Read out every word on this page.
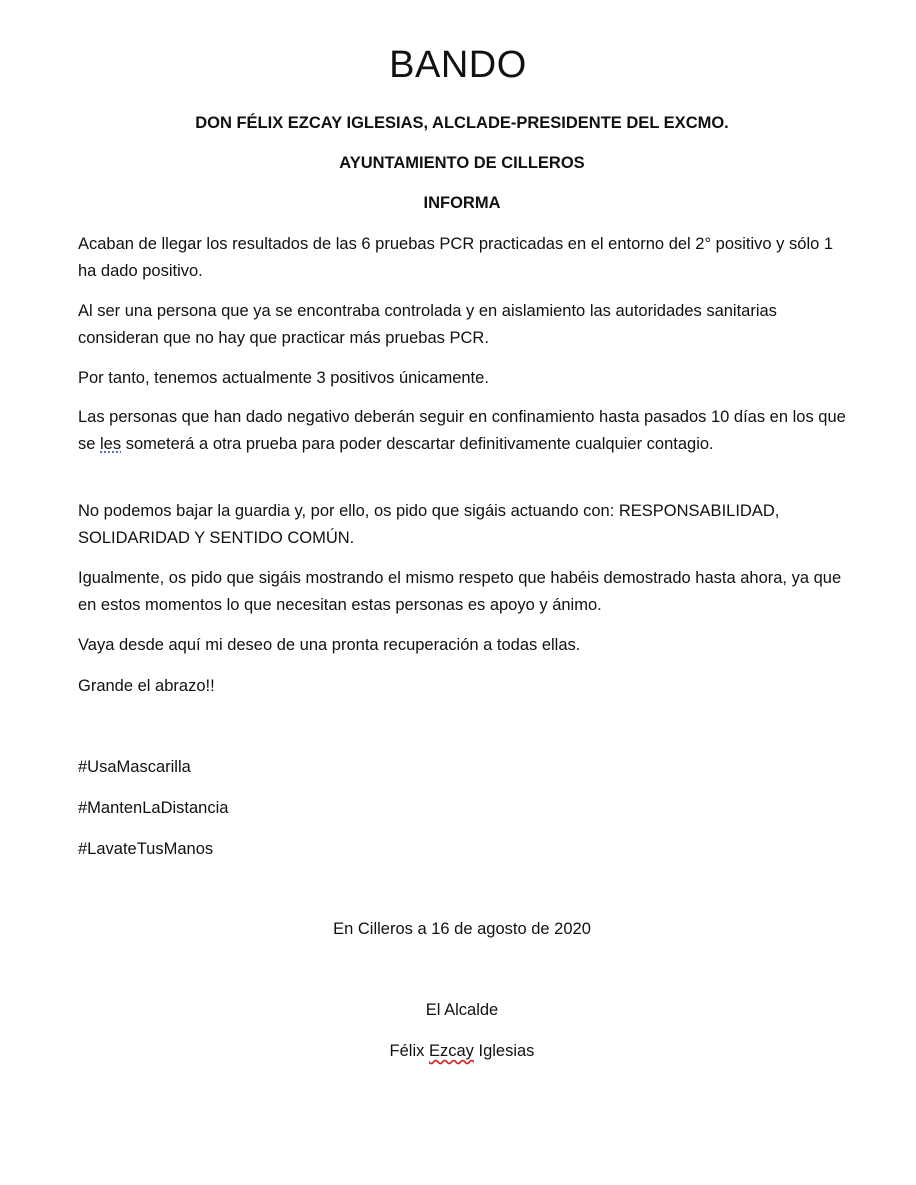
BANDO
DON FÉLIX EZCAY IGLESIAS, ALCLADE-PRESIDENTE DEL EXCMO.
AYUNTAMIENTO DE CILLEROS
INFORMA
Acaban de llegar los resultados de las 6 pruebas PCR practicadas en el entorno del 2° positivo y sólo 1 ha dado positivo.
Al ser una persona que ya se encontraba controlada y en aislamiento las autoridades sanitarias consideran que no hay que practicar más pruebas PCR.
Por tanto, tenemos actualmente 3 positivos únicamente.
Las personas que han dado negativo deberán seguir en confinamiento hasta pasados 10 días en los que se les someterá a otra prueba para poder descartar definitivamente cualquier contagio.
No podemos bajar la guardia y, por ello, os pido que sigáis actuando con: RESPONSABILIDAD, SOLIDARIDAD Y SENTIDO COMÚN.
Igualmente, os pido que sigáis mostrando el mismo respeto que habéis demostrado hasta ahora, ya que en estos momentos lo que necesitan estas personas es apoyo y ánimo.
Vaya desde aquí mi deseo de una pronta recuperación a todas ellas.
Grande el abrazo!!
#UsaMascarilla
#MantenLaDistancia
#LavateTusManos
En Cilleros a 16 de agosto de 2020
El Alcalde
Félix Ezcay Iglesias
